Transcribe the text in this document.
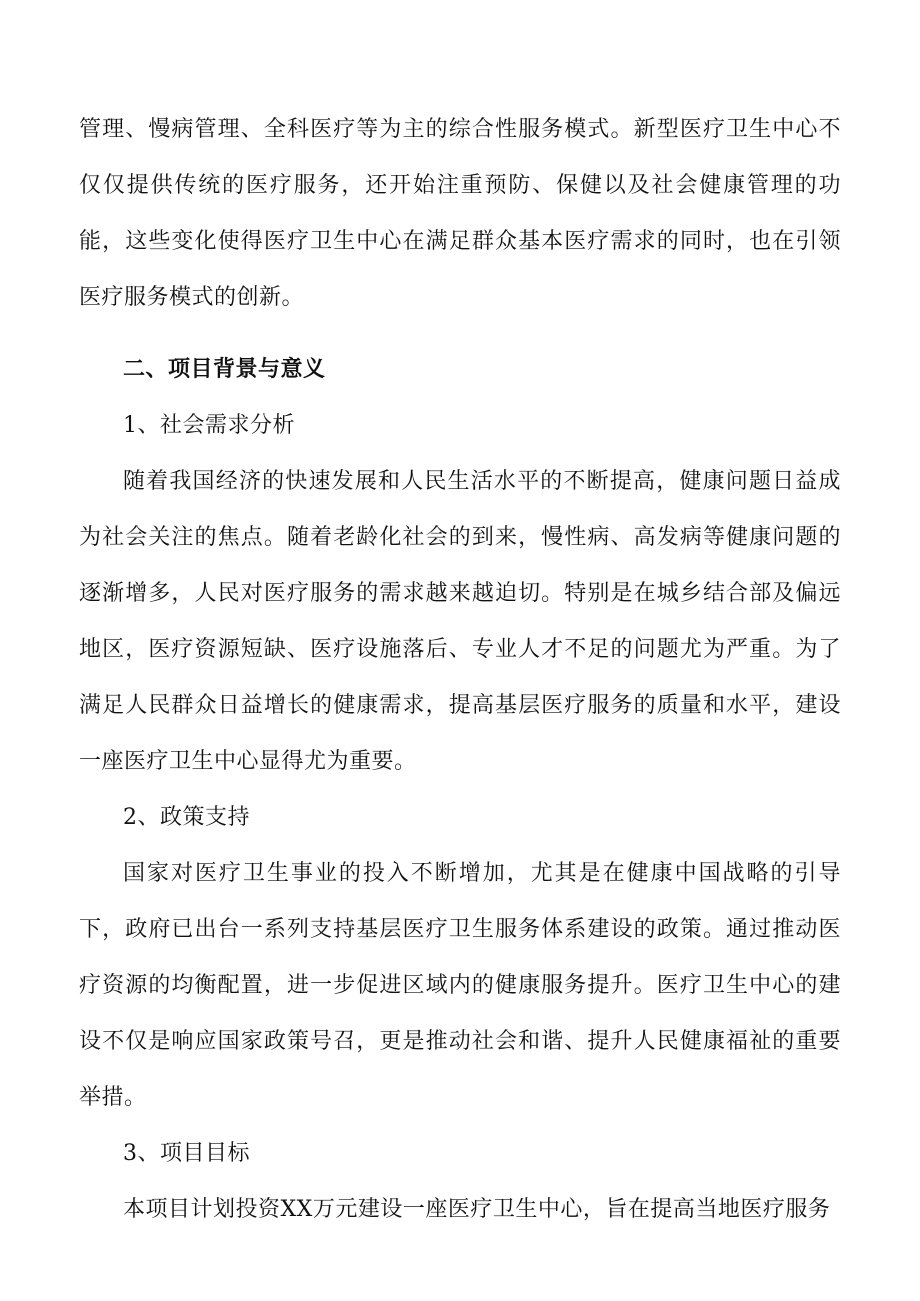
管理、慢病管理、全科医疗等为主的综合性服务模式。新型医疗卫生中心不仅仅提供传统的医疗服务，还开始注重预防、保健以及社会健康管理的功能，这些变化使得医疗卫生中心在满足群众基本医疗需求的同时，也在引领医疗服务模式的创新。

二、项目背景与意义

1、社会需求分析

随着我国经济的快速发展和人民生活水平的不断提高，健康问题日益成为社会关注的焦点。随着老龄化社会的到来，慢性病、高发病等健康问题的逐渐增多，人民对医疗服务的需求越来越迫切。特别是在城乡结合部及偏远地区，医疗资源短缺、医疗设施落后、专业人才不足的问题尤为严重。为了满足人民群众日益增长的健康需求，提高基层医疗服务的质量和水平，建设一座医疗卫生中心显得尤为重要。

2、政策支持

国家对医疗卫生事业的投入不断增加，尤其是在健康中国战略的引导下，政府已出台一系列支持基层医疗卫生服务体系建设的政策。通过推动医疗资源的均衡配置，进一步促进区域内的健康服务提升。医疗卫生中心的建设不仅是响应国家政策号召，更是推动社会和谐、提升人民健康福祉的重要举措。

3、项目目标

本项目计划投资XX万元建设一座医疗卫生中心，旨在提高当地医疗服务
